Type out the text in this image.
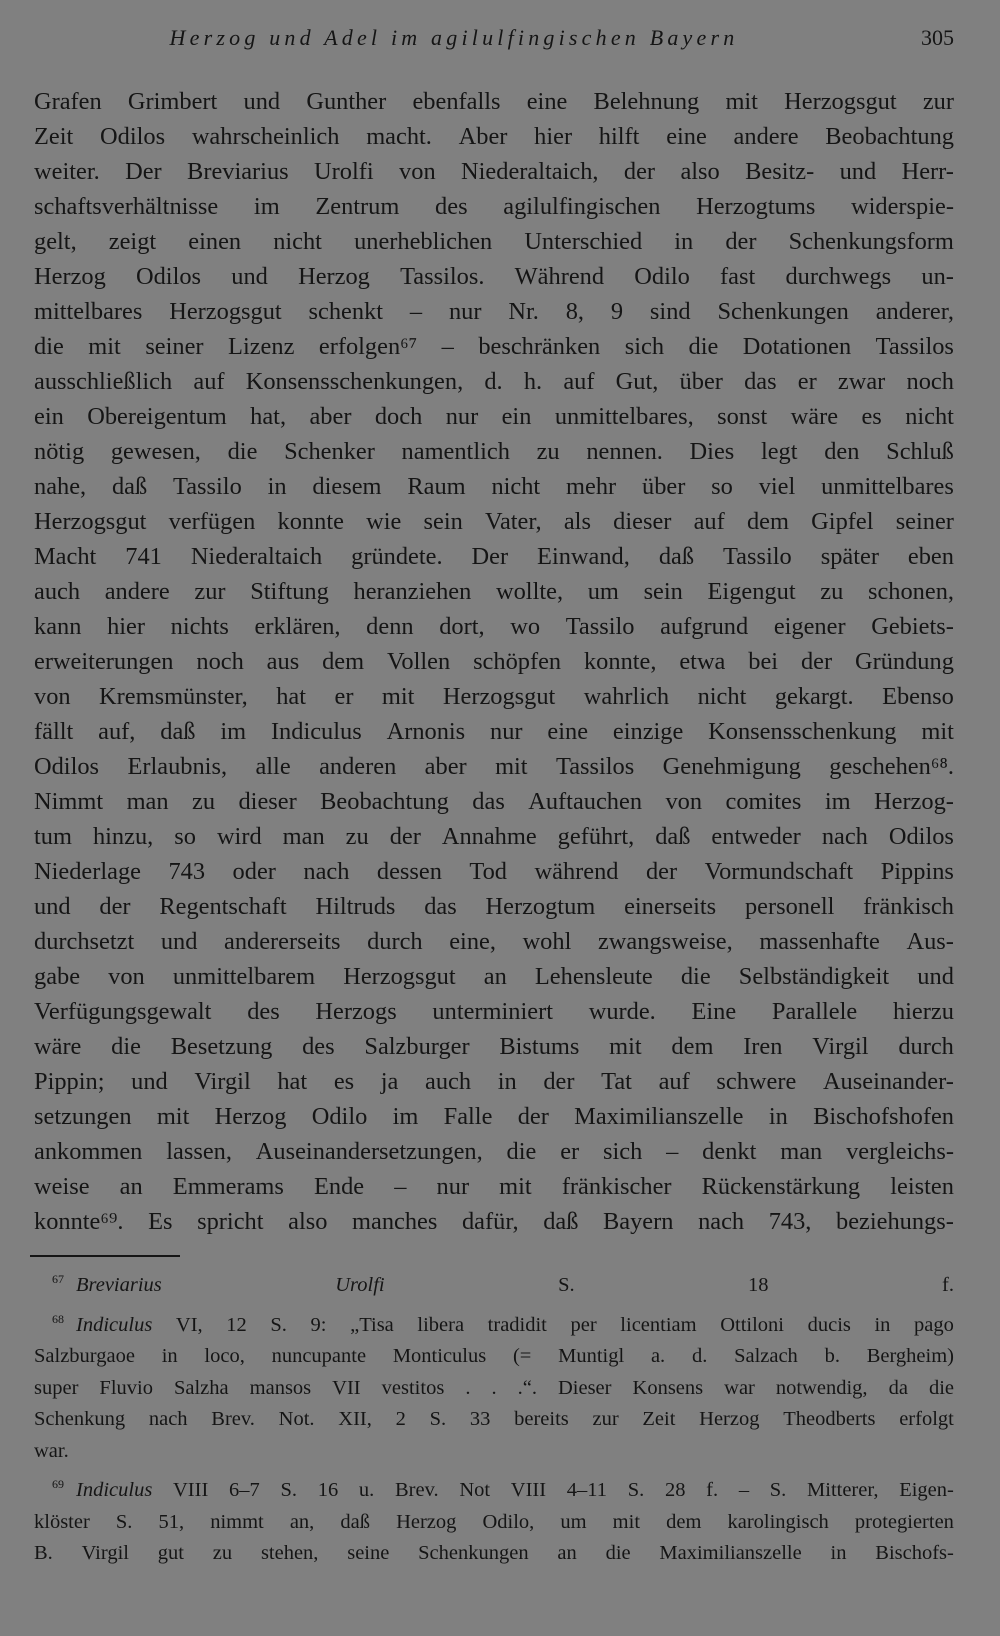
Herzog und Adel im agilulfingischen Bayern	305
Grafen Grimbert und Gunther ebenfalls eine Belehnung mit Herzogsgut zur
Zeit Odilos wahrscheinlich macht. Aber hier hilft eine andere Beobachtung
weiter. Der Breviarius Urolfi von Niederaltaich, der also Besitz- und Herr-
schaftsverhältnisse im Zentrum des agilulfingischen Herzogtums widerspie-
gelt, zeigt einen nicht unerheblichen Unterschied in der Schenkungsform
Herzog Odilos und Herzog Tassilos. Während Odilo fast durchwegs un-
mittelbares Herzogsgut schenkt – nur Nr. 8, 9 sind Schenkungen anderer,
die mit seiner Lizenz erfolgen⁶⁷ – beschränken sich die Dotationen Tassilos
ausschließlich auf Konsensschenkungen, d. h. auf Gut, über das er zwar noch
ein Obereigentum hat, aber doch nur ein unmittelbares, sonst wäre es nicht
nötig gewesen, die Schenker namentlich zu nennen. Dies legt den Schluß
nahe, daß Tassilo in diesem Raum nicht mehr über so viel unmittelbares
Herzogsgut verfügen konnte wie sein Vater, als dieser auf dem Gipfel seiner
Macht 741 Niederaltaich gründete. Der Einwand, daß Tassilo später eben
auch andere zur Stiftung heranziehen wollte, um sein Eigengut zu schonen,
kann hier nichts erklären, denn dort, wo Tassilo aufgrund eigener Gebiets-
erweiterungen noch aus dem Vollen schöpfen konnte, etwa bei der Gründung
von Kremsmünster, hat er mit Herzogsgut wahrlich nicht gekargt. Ebenso
fällt auf, daß im Indiculus Arnonis nur eine einzige Konsensschenkung mit
Odilos Erlaubnis, alle anderen aber mit Tassilos Genehmigung geschehen⁶⁸.
Nimmt man zu dieser Beobachtung das Auftauchen von comites im Herzog-
tum hinzu, so wird man zu der Annahme geführt, daß entweder nach Odilos
Niederlage 743 oder nach dessen Tod während der Vormundschaft Pippins
und der Regentschaft Hiltruds das Herzogtum einerseits personell fränkisch
durchsetzt und andererseits durch eine, wohl zwangsweise, massenhafte Aus-
gabe von unmittelbarem Herzogsgut an Lehensleute die Selbständigkeit und
Verfügungsgewalt des Herzogs unterminiert wurde. Eine Parallele hierzu
wäre die Besetzung des Salzburger Bistums mit dem Iren Virgil durch
Pippin; und Virgil hat es ja auch in der Tat auf schwere Auseinander-
setzungen mit Herzog Odilo im Falle der Maximilianszelle in Bischofshofen
ankommen lassen, Auseinandersetzungen, die er sich – denkt man vergleichs-
weise an Emmerams Ende – nur mit fränkischer Rückenstärkung leisten
konnte⁶⁹. Es spricht also manches dafür, daß Bayern nach 743, beziehungs-
$^{67}$ Breviarius	Urolfi	S.	18	f.
$^{68}$ Indiculus VI, 12 S. 9: „Tisa libera tradidit per licentiam Ottiloni ducis in pago
Salzburgaoe in loco, nuncupante Monticulus (= Muntigl a. d. Salzach b. Bergheim)
super Fluvio Salzha mansos VII vestitos . . .“. Dieser Konsens war notwendig, da die
Schenkung nach Brev. Not. XII, 2 S. 33 bereits zur Zeit Herzog Theodberts erfolgt
war.
$^{69}$ Indiculus VIII 6–7 S. 16 u. Brev. Not VIII 4–11 S. 28 f. – S. Mitterer, Eigen-
klöster S. 51, nimmt an, daß Herzog Odilo, um mit dem karolingisch protegierten
B. Virgil gut zu stehen, seine Schenkungen an die Maximilianszelle in Bischofs-
